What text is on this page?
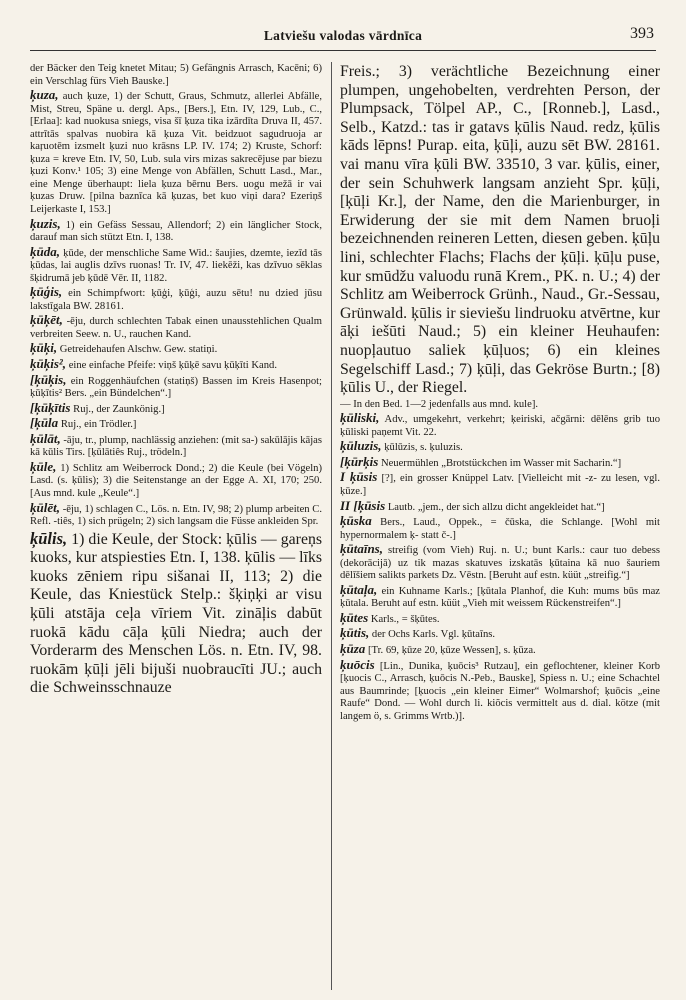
Latviešu valodas vārdnīca	393

der Bäcker den Teig knetet Mitau; 5) Gefängnis Arrasch, Kacēni; 6) ein Verschlag fürs Vieh Bauske.]

ķuza, auch ķuze, 1) der Schutt, Graus, Schmutz, allerlei Abfälle, Mist, Streu, Späne u. dergl. Aps., [Bers.], Etn. IV, 129, Lub., C., [Erlaa]: kad nuokusa sniegs, visa šī ķuza tika izārdīta Druva II, 457. attrītās spalvas nuobira kā ķuza Vit. beidzuot sagudruoja ar kaŗuotēm izsmelt ķuzi nuo krāsns LP. IV. 174; 2) Kruste, Schorf: ķuza = kreve Etn. IV, 50, Lub. sula virs mizas sakrecējuse par biezu ķuzi Konv.¹ 105; 3) eine Menge von Abfällen, Schutt Lasd., Mar., eine Menge überhaupt: liela ķuza bērnu Bers. uogu mežā ir vai ķuzas Druw. [pilna baznīca kā ķuzas, bet kuo viņi dara? Ezeriņš Leijerkaste I, 153.]

ķuzis, 1) ein Gefäss Sessau, Allendorf; 2) ein länglicher Stock, darauf man sich stützt Etn. I, 138.

ķūda, ķūde, der menschliche Same Wid.: šaujies, dzemte, iezīd tās ķūdas, lai auglis dzīvs ruonas! Tr. IV, 47. liekēži, kas dzīvuo sēklas šķidrumā jeb ķūdē Vēr. II, 1182.

ķūģis, ein Schimpfwort: ķūģi, ķūģi, auzu sētu! nu dzied jūsu lakstīgala BW. 28161.

ķūķēt, -ēju, durch schlechten Tabak einen unausstehlichen Qualm verbreiten Seew. n. U., rauchen Kand.

ķūķi, Getreidehaufen Alschw. Gew. statiņi.

ķūķis², eine einfache Pfeife: viņš ķūķē savu ķūķīti Kand.

[ķūķis, ein Roggenhäufchen (statiņš) Bassen im Kreis Hasenpot; ķūķītis² Bers. „ein Bündelchen“.]

[ķūķītis Ruj., der Zaunkönig.]

[ķūla Ruj., ein Trödler.]

ķūlāt, -āju, tr., plump, nachlässig anziehen: (mit sa-) sakūlājis kājas kā kūlis Tirs. [ķūlātiês Ruj., trödeln.]

ķūle, 1) Schlitz am Weiberrock Dond.; 2) die Keule (bei Vögeln) Lasd. (s. ķūlis); 3) die Seitenstange an der Egge A. XI, 170; 250. [Aus mnd. kule „Keule“.]

ķūlēt, -ēju, 1) schlagen C., Lös. n. Etn. IV, 98; 2) plump arbeiten C. Refl. -tiês, 1) sich prügeln; 2) sich langsam die Füsse ankleiden Spr.

ķūlis, 1) die Keule, der Stock: ķūlis — gareņs kuoks, kur atspiesties Etn. I, 138. ķūlis — līks kuoks zēniem ripu sišanai II, 113; 2) die Keule, das Kniestück Stelp.: šķiņķi ar visu ķūli atstāja ceļa vīriem Vit. zināļis dabūt ruokā kādu cāļa ķūli Niedra; auch der Vorderarm des Menschen Lös. n. Etn. IV, 98. ruokām ķūļi jēli bijuši nuobraucīti JU.; auch die Schweinsschnauze

Freis.; 3) verächtliche Bezeichnung einer plumpen, ungehobelten, verdrehten Person, der Plumpsack, Tölpel AP., C., [Ronneb.], Lasd., Selb., Katzd.: tas ir gatavs ķūlis Naud. redz, ķūlis kāds lēpns! Purap. eita, ķūļi, auzu sēt BW. 28161. vai manu vīra ķūli BW. 33510, 3 var. ķūlis, einer, der sein Schuhwerk langsam anzieht Spr. ķūļi, [ķūļi Kr.], der Name, den die Marienburger, in Erwiderung der sie mit dem Namen bruoļi bezeichnenden reineren Letten, diesen geben. ķūļu lini, schlechter Flachs; Flachs der ķūļi. ķūļu puse, kur smūdžu valuodu runā Krem., PK. n. U.; 4) der Schlitz am Weiberrock Grünh., Naud., Gr.-Sessau, Grünwald. ķūlis ir sieviešu lindruoku atvērtne, kur āķi iešūti Naud.; 5) ein kleiner Heuhaufen: nuopļautuo saliek ķūļuos; 6) ein kleines Segelschiff Lasd.; 7) ķūļi, das Gekröse Burtn.; [8) ķūlis U., der Riegel.

— In den Bed. 1—2 jedenfalls aus mnd. kule].

ķūliski, Adv., umgekehrt, verkehrt; ķeiriski, ačgārni: dēlēns grib tuo ķūliski paņemt Vit. 22.

ķūluzis, ķūlūzis, s. ķuluzis.

[ķūrķis Neuermühlen „Brotstückchen im Wasser mit Sacharin.“]

I ķūsis [?], ein grosser Knüppel Latv. [Vielleicht mit -z- zu lesen, vgl. ķūze.]

II [ķūsis Lautb. „jem., der sich allzu dicht angekleidet hat.“]

ķūska Bers., Laud., Oppek., = čūska, die Schlange. [Wohl mit hypernormalem ķ- statt č-.]

ķūtaīns, streifig (vom Vieh) Ruj. n. U.; bunt Karls.: caur tuo debess (dekorācijā) uz tik mazas skatuves izskatās ķūtaina kā nuo šauriem dēlīšiem salikts parkets Dz. Vēstn. [Beruht auf estn. küüt „streifig.“]

ķūtaļa, ein Kuhname Karls.; [ķūtala Planhof, die Kuh: mums būs maz ķūtala. Beruht auf estn. küüt „Vieh mit weissem Rückenstreifen“.]

ķūtes Karls., = šķūtes.

ķūtis, der Ochs Karls. Vgl. ķūtaīns.

ķūza [Tr. 69, ķūze 20, ķūze Wessen], s. ķūza.

ķuōcis [Lin., Dunika, ķuōcis³ Rutzau], ein geflochtener, kleiner Korb [ķuocis C., Arrasch, ķuōcis N.-Peb., Bauske], Spiess n. U.; eine Schachtel aus Baumrinde; [ķuocis „ein kleiner Eimer“ Wolmarshof; ķuōcis „eine Raufe“ Dond. — Wohl durch li. kiõcis vermittelt aus d. dial. kötze (mit langem ö, s. Grimms Wrtb.)].
